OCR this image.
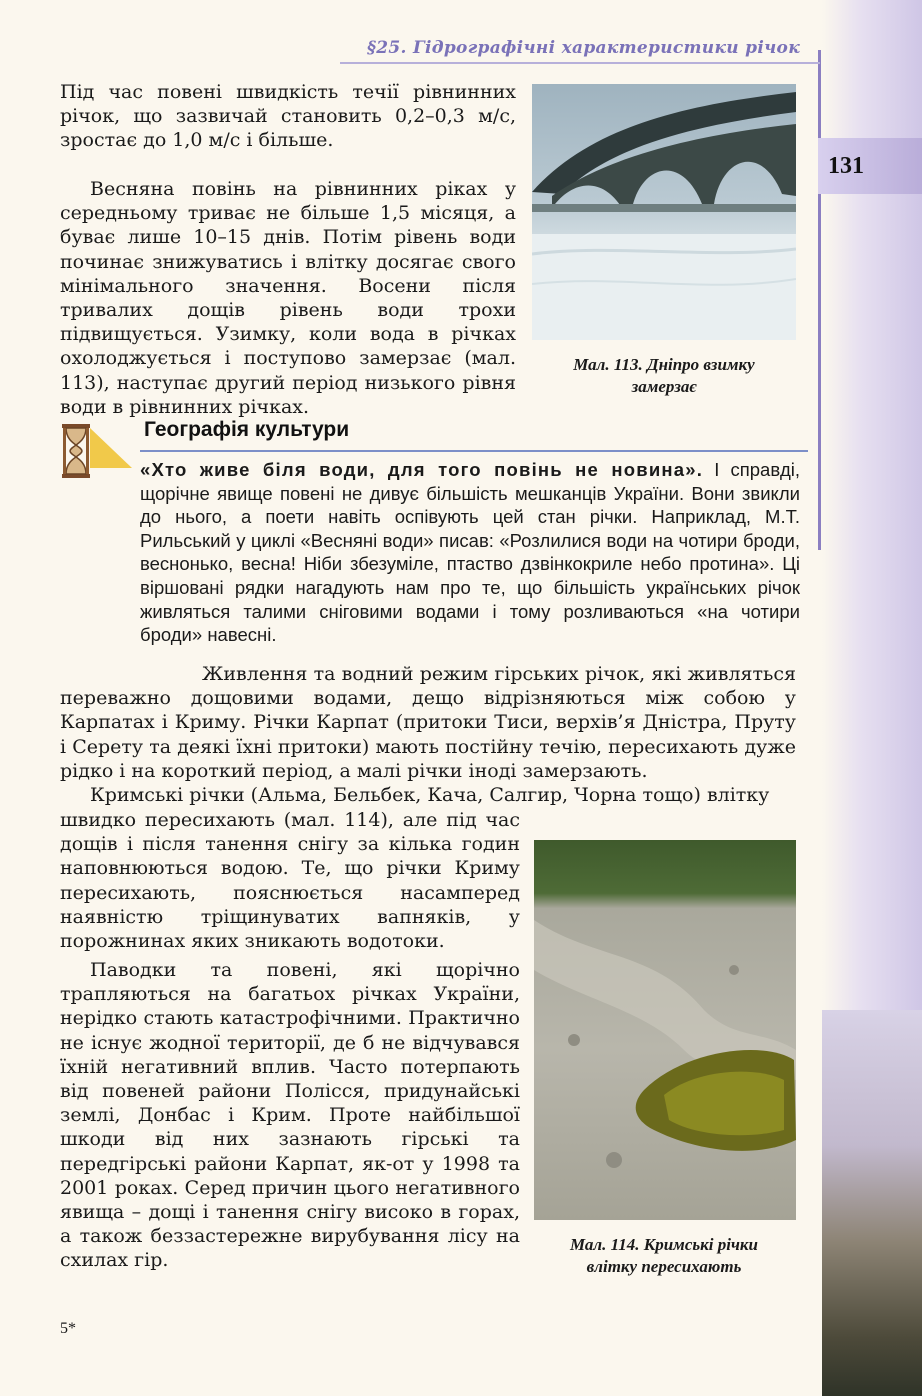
§25. Гідрографічні характеристики річок
131

Під час повені швидкість течії рівнинних річок, що зазвичай становить 0,2–0,3 м/с, зростає до 1,0 м/с і більше.

Весняна повінь на рівнинних ріках у середньому триває не більше 1,5 місяця, а буває лише 10–15 днів. Потім рівень води починає знижуватись і влітку досягає свого мінімального значення. Восени після тривалих дощів рівень води трохи підвищується. Узимку, коли вода в річках охолоджується і поступово замерзає (мал. 113), наступає другий період низького рівня води в рівнинних річках.

Мал. 113. Дніпро взимку
замерзає
Географія культури

«Хто живе біля води, для того повінь не новина». І справді, щорічне явище повені не дивує більшість мешканців України. Вони звикли до нього, а поети навіть оспівують цей стан річки. Наприклад, М.Т. Рильський у циклі «Весняні води» писав: «Розлилися води на чотири броди, веснонько, весна! Ніби збезуміле, птаство дзвінкокриле небо протина». Ці віршовані рядки нагадують нам про те, що більшість українських річок живляться талими сніговими водами і тому розливаються «на чотири броди» навесні.

Живлення та водний режим гірських річок, які живляться переважно дощовими водами, дещо відрізняються між собою у Карпатах і Криму. Річки Карпат (притоки Тиси, верхів’я Дністра, Пруту і Серету та деякі їхні притоки) мають постійну течію, пересихають дуже рідко і на короткий період, а малі річки іноді замерзають.

Кримські річки (Альма, Бельбек, Кача, Салгир, Чорна тощо) влітку

швидко пересихають (мал. 114), але під час дощів і після танення снігу за кілька годин наповнюються водою. Те, що річки Криму пересихають, пояснюється насамперед наявністю тріщинуватих вапняків, у порожнинах яких зникають водотоки.

Паводки та повені, які щорічно трапляються на багатьох річках України, нерідко стають катастрофічними. Практично не існує жодної території, де б не відчувався їхній негативний вплив. Часто потерпають від повеней райони Полісся, придунайські землі, Донбас і Крим. Проте найбільшої шкоди від них зазнають гірські та передгірські райони Карпат, як-от у 1998 та 2001 роках. Серед причин цього негативного явища – дощі і танення снігу високо в горах, а також беззастережне вирубування лісу на схилах гір.

Мал. 114. Кримські річки
влітку пересихають
5*
